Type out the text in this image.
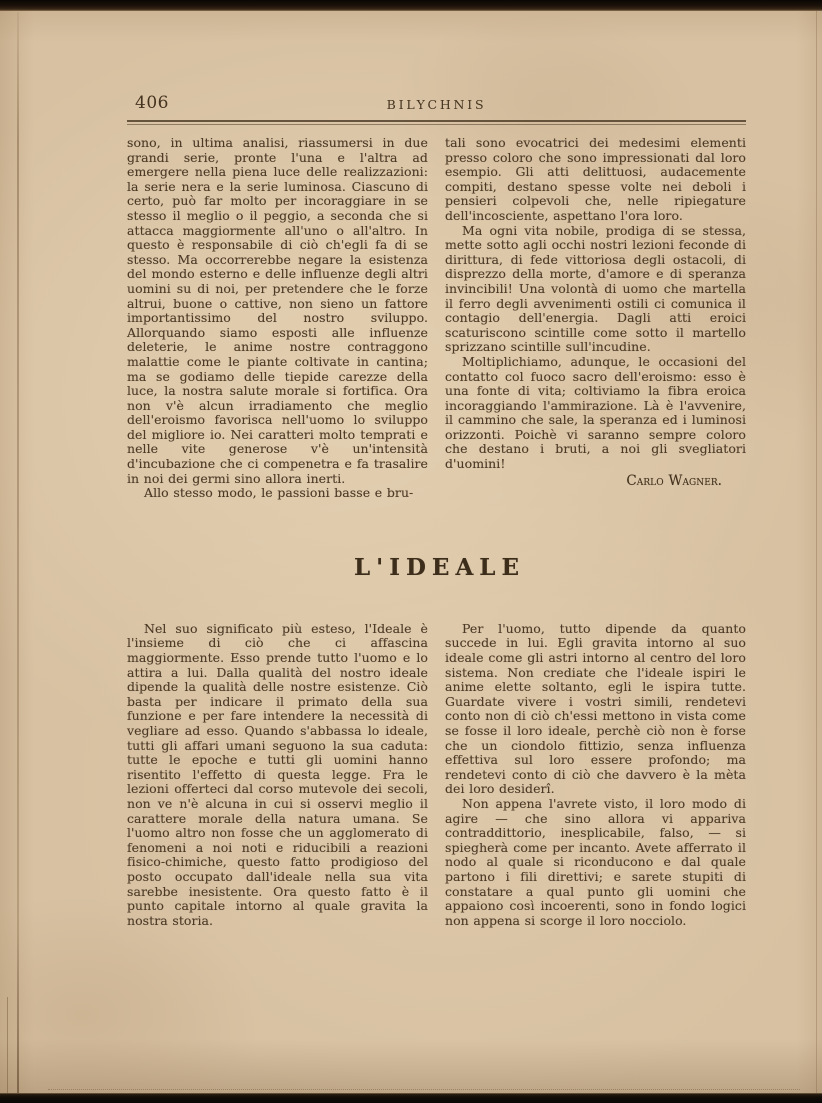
406	BILYCHNIS

sono, in ultima analisi, riassumersi in due grandi serie, pronte l'una e l'altra ad emergere nella piena luce delle realizzazioni: la serie nera e la serie luminosa. Ciascuno di certo, può far molto per incoraggiare in se stesso il meglio o il peggio, a seconda che si attacca maggiormente all'uno o all'altro. In questo è responsabile di ciò ch'egli fa di se stesso. Ma occorrerebbe negare la esistenza del mondo esterno e delle influenze degli altri uomini su di noi, per pretendere che le forze altrui, buone o cattive, non sieno un fattore importantissimo del nostro sviluppo. Allorquando siamo esposti alle influenze deleterie, le anime nostre contraggono malattie come le piante coltivate in cantina; ma se godiamo delle tiepide carezze della luce, la nostra salute morale si fortifica. Ora non v'è alcun irradiamento che meglio dell'eroismo favorisca nell'uomo lo sviluppo del migliore io. Nei caratteri molto temprati e nelle vite generose v'è un'intensità d'incubazione che ci compenetra e fa trasalire in noi dei germi sino allora inerti.

Allo stesso modo, le passioni basse e bru-

tali sono evocatrici dei medesimi elementi presso coloro che sono impressionati dal loro esempio. Gli atti delittuosi, audacemente compiti, destano spesse volte nei deboli i pensieri colpevoli che, nelle ripiegature dell'incosciente, aspettano l'ora loro.

Ma ogni vita nobile, prodiga di se stessa, mette sotto agli occhi nostri lezioni feconde di dirittura, di fede vittoriosa degli ostacoli, di disprezzo della morte, d'amore e di speranza invincibili! Una volontà di uomo che martella il ferro degli avvenimenti ostili ci comunica il contagio dell'energia. Dagli atti eroici scaturiscono scintille come sotto il martello sprizzano scintille sull'incudine.

Moltiplichiamo, adunque, le occasioni del contatto col fuoco sacro dell'eroismo: esso è una fonte di vita; coltiviamo la fibra eroica incoraggiando l'ammirazione. Là è l'avvenire, il cammino che sale, la speranza ed i luminosi orizzonti. Poichè vi saranno sempre coloro che destano i bruti, a noi gli svegliatori d'uomini!

Carlo Wagner.

L'IDEALE

Nel suo significato più esteso, l'Ideale è l'insieme di ciò che ci affascina maggiormente. Esso prende tutto l'uomo e lo attira a lui. Dalla qualità del nostro ideale dipende la qualità delle nostre esistenze. Ciò basta per indicare il primato della sua funzione e per fare intendere la necessità di vegliare ad esso. Quando s'abbassa lo ideale, tutti gli affari umani seguono la sua caduta: tutte le epoche e tutti gli uomini hanno risentito l'effetto di questa legge. Fra le lezioni offerteci dal corso mutevole dei secoli, non ve n'è alcuna in cui si osservi meglio il carattere morale della natura umana. Se l'uomo altro non fosse che un agglomerato di fenomeni a noi noti e riducibili a reazioni fisico-chimiche, questo fatto prodigioso del posto occupato dall'ideale nella sua vita sarebbe inesistente. Ora questo fatto è il punto capitale intorno al quale gravita la nostra storia.

Per l'uomo, tutto dipende da quanto succede in lui. Egli gravita intorno al suo ideale come gli astri intorno al centro del loro sistema. Non crediate che l'ideale ispiri le anime elette soltanto, egli le ispira tutte. Guardate vivere i vostri simili, rendetevi conto non di ciò ch'essi mettono in vista come se fosse il loro ideale, perchè ciò non è forse che un ciondolo fittizio, senza influenza effettiva sul loro essere profondo; ma rendetevi conto di ciò che davvero è la mèta dei loro desiderî.

Non appena l'avrete visto, il loro modo di agire — che sino allora vi appariva contraddittorio, inesplicabile, falso, — si spiegherà come per incanto. Avete afferrato il nodo al quale si riconducono e dal quale partono i fili direttivi; e sarete stupiti di constatare a qual punto gli uomini che appaiono così incoerenti, sono in fondo logici non appena si scorge il loro nocciolo.
